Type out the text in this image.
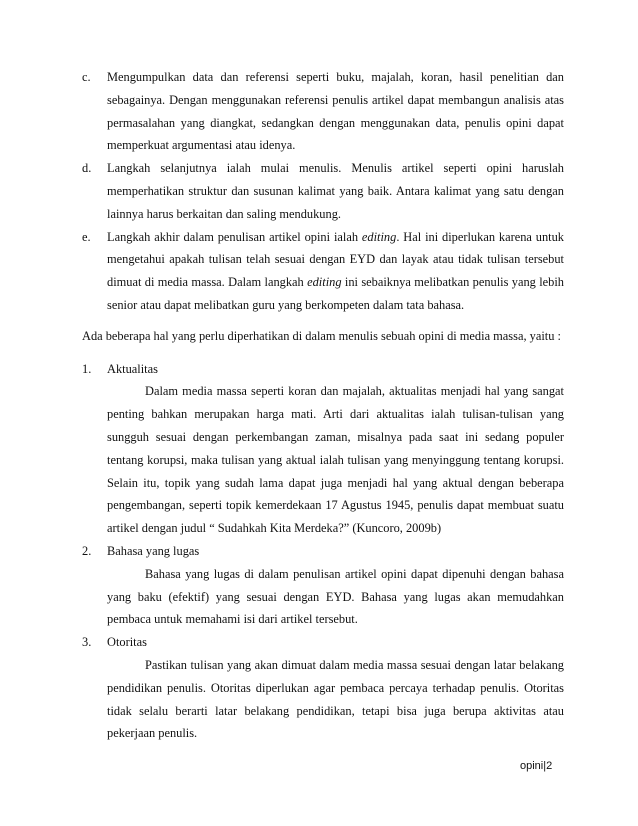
c. Mengumpulkan data dan referensi seperti buku, majalah, koran, hasil penelitian dan sebagainya. Dengan menggunakan referensi penulis artikel dapat membangun analisis atas permasalahan yang diangkat, sedangkan dengan menggunakan data, penulis opini dapat memperkuat argumentasi atau idenya.

d. Langkah selanjutnya ialah mulai menulis. Menulis artikel seperti opini haruslah memperhatikan struktur dan susunan kalimat yang baik. Antara kalimat yang satu dengan lainnya harus berkaitan dan saling mendukung.

e. Langkah akhir dalam penulisan artikel opini ialah editing. Hal ini diperlukan karena untuk mengetahui apakah tulisan telah sesuai dengan EYD dan layak atau tidak tulisan tersebut dimuat di media massa. Dalam langkah editing ini sebaiknya melibatkan penulis yang lebih senior atau dapat melibatkan guru yang berkompeten dalam tata bahasa.

Ada beberapa hal yang perlu diperhatikan di dalam menulis sebuah opini di media massa, yaitu :

1. Aktualitas

Dalam media massa seperti koran dan majalah, aktualitas menjadi hal yang sangat penting bahkan merupakan harga mati. Arti dari aktualitas ialah tulisan-tulisan yang sungguh sesuai dengan perkembangan zaman, misalnya pada saat ini sedang populer tentang korupsi, maka tulisan yang aktual ialah tulisan yang menyinggung tentang korupsi. Selain itu, topik yang sudah lama dapat juga menjadi hal yang aktual dengan beberapa pengembangan, seperti topik kemerdekaan 17 Agustus 1945, penulis dapat membuat suatu artikel dengan judul “ Sudahkah Kita Merdeka?” (Kuncoro, 2009b)

2. Bahasa yang lugas

Bahasa yang lugas di dalam penulisan artikel opini dapat dipenuhi dengan bahasa yang baku (efektif) yang sesuai dengan EYD. Bahasa yang lugas akan memudahkan pembaca untuk memahami isi dari artikel tersebut.

3. Otoritas

Pastikan tulisan yang akan dimuat dalam media massa sesuai dengan latar belakang pendidikan penulis. Otoritas diperlukan agar pembaca percaya terhadap penulis. Otoritas tidak selalu berarti latar belakang pendidikan, tetapi bisa juga berupa aktivitas atau pekerjaan penulis.

opini|2
